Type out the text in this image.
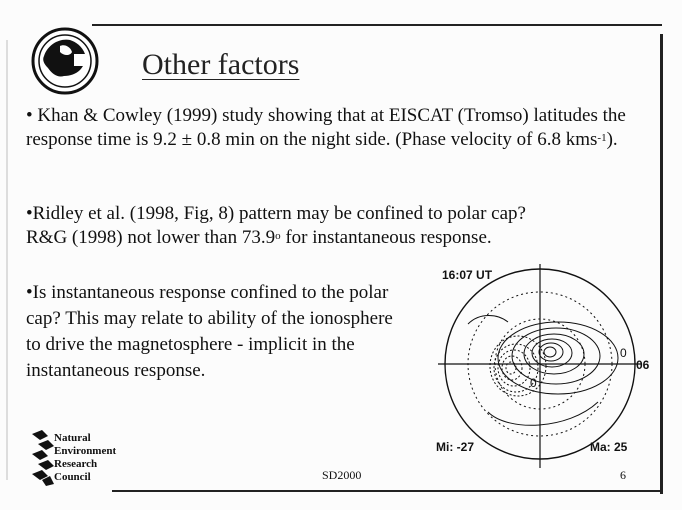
Other factors
• Khan & Cowley (1999) study showing that at EISCAT (Tromso) latitudes the response time is 9.2 ± 0.8 min on the night side. (Phase velocity of 6.8 kms$^{-1}$).
•Ridley et al. (1998, Fig, 8) pattern may be confined to polar cap?
R&G (1998) not lower than 73.9$^o$ for instantaneous response.
•Is instantaneous response confined to the polar cap? This may relate to ability of the ionosphere to drive the magnetosphere - implicit in the instantaneous response.
16:07 UT
06
Mi: -27	Ma: 25
0
0
Natural
Environment
Research
Council	SD2000	6
